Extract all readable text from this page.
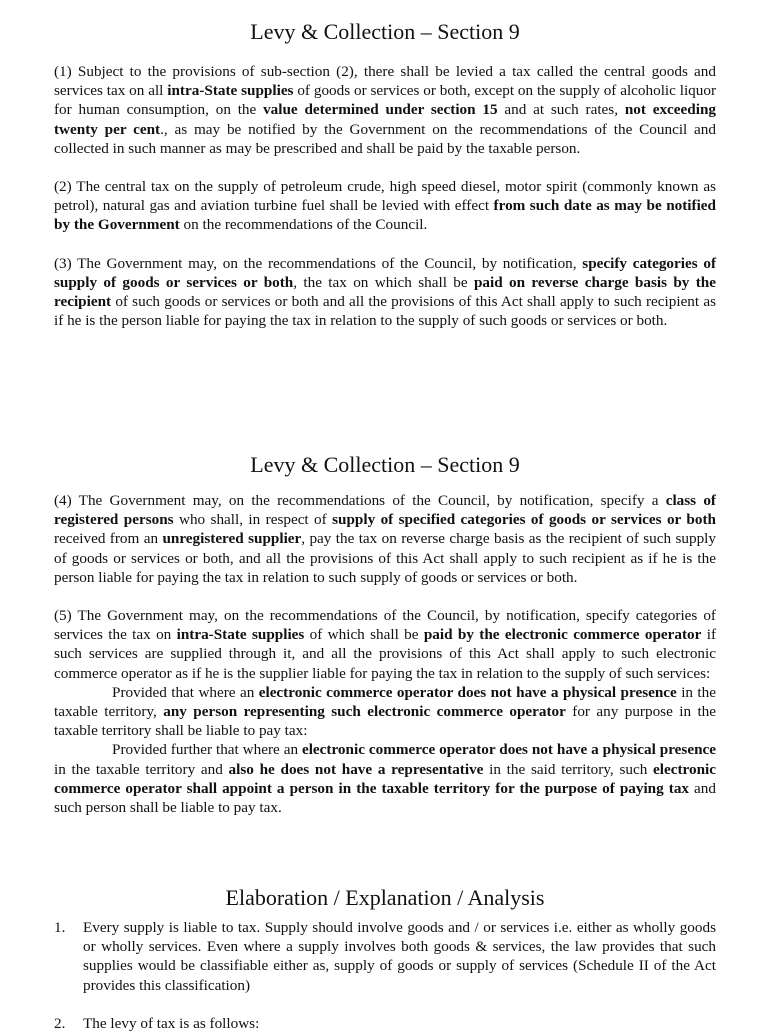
Levy & Collection – Section 9

(1) Subject to the provisions of sub-section (2), there shall be levied a tax called the central goods and services tax on all intra-State supplies of goods or services or both, except on the supply of alcoholic liquor for human consumption, on the value determined under section 15 and at such rates, not exceeding twenty per cent., as may be notified by the Government on the recommendations of the Council and collected in such manner as may be prescribed and shall be paid by the taxable person.

(2) The central tax on the supply of petroleum crude, high speed diesel, motor spirit (commonly known as petrol), natural gas and aviation turbine fuel shall be levied with effect from such date as may be notified by the Government on the recommendations of the Council.

(3) The Government may, on the recommendations of the Council, by notification, specify categories of supply of goods or services or both, the tax on which shall be paid on reverse charge basis by the recipient of such goods or services or both and all the provisions of this Act shall apply to such recipient as if he is the person liable for paying the tax in relation to the supply of such goods or services or both.

Levy & Collection – Section 9

(4) The Government may, on the recommendations of the Council, by notification, specify a class of registered persons who shall, in respect of supply of specified categories of goods or services or both received from an unregistered supplier, pay the tax on reverse charge basis as the recipient of such supply of goods or services or both, and all the provisions of this Act shall apply to such recipient as if he is the person liable for paying the tax in relation to such supply of goods or services or both.

(5) The Government may, on the recommendations of the Council, by notification, specify categories of services the tax on intra-State supplies of which shall be paid by the electronic commerce operator if such services are supplied through it, and all the provisions of this Act shall apply to such electronic commerce operator as if he is the supplier liable for paying the tax in relation to the supply of such services:

Provided that where an electronic commerce operator does not have a physical presence in the taxable territory, any person representing such electronic commerce operator for any purpose in the taxable territory shall be liable to pay tax:

Provided further that where an electronic commerce operator does not have a physical presence in the taxable territory and also he does not have a representative in the said territory, such electronic commerce operator shall appoint a person in the taxable territory for the purpose of paying tax and such person shall be liable to pay tax.

Elaboration / Explanation / Analysis
1. Every supply is liable to tax. Supply should involve goods and / or services i.e. either as wholly goods or wholly services. Even where a supply involves both goods & services, the law provides that such supplies would be classifiable either as, supply of goods or supply of services (Schedule II of the Act provides this classification)
2. The levy of tax is as follows:
